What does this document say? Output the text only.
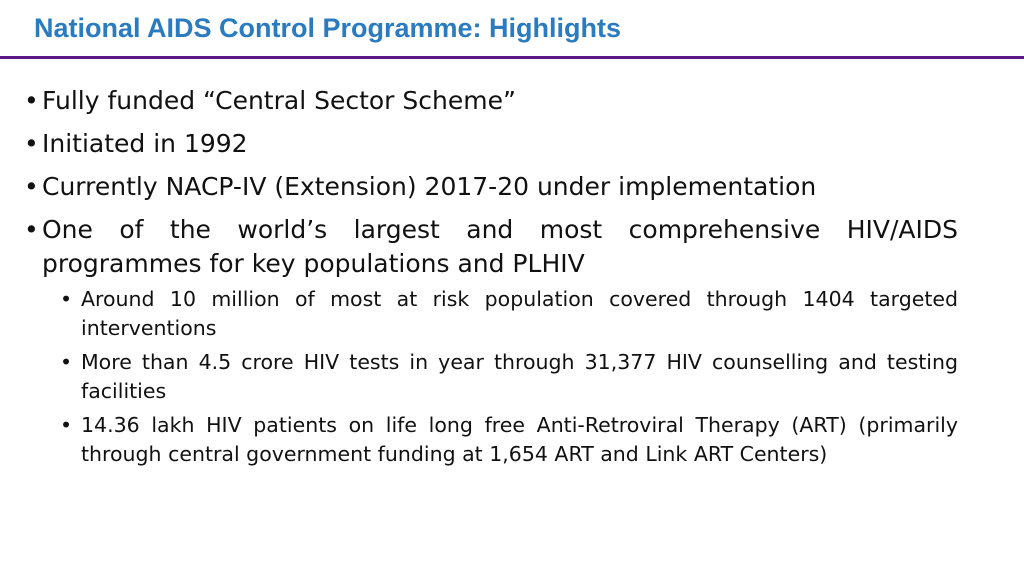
National AIDS Control Programme: Highlights
• Fully funded “Central Sector Scheme”
• Initiated in 1992
• Currently NACP-IV (Extension) 2017-20 under implementation
• One of the world’s largest and most comprehensive HIV/AIDS programmes for key populations and PLHIV
• Around 10 million of most at risk population covered through 1404 targeted interventions
• More than 4.5 crore HIV tests in year through 31,377 HIV counselling and testing facilities
• 14.36 lakh HIV patients on life long free Anti-Retroviral Therapy (ART) (primarily through central government funding at 1,654 ART and Link ART Centers)
